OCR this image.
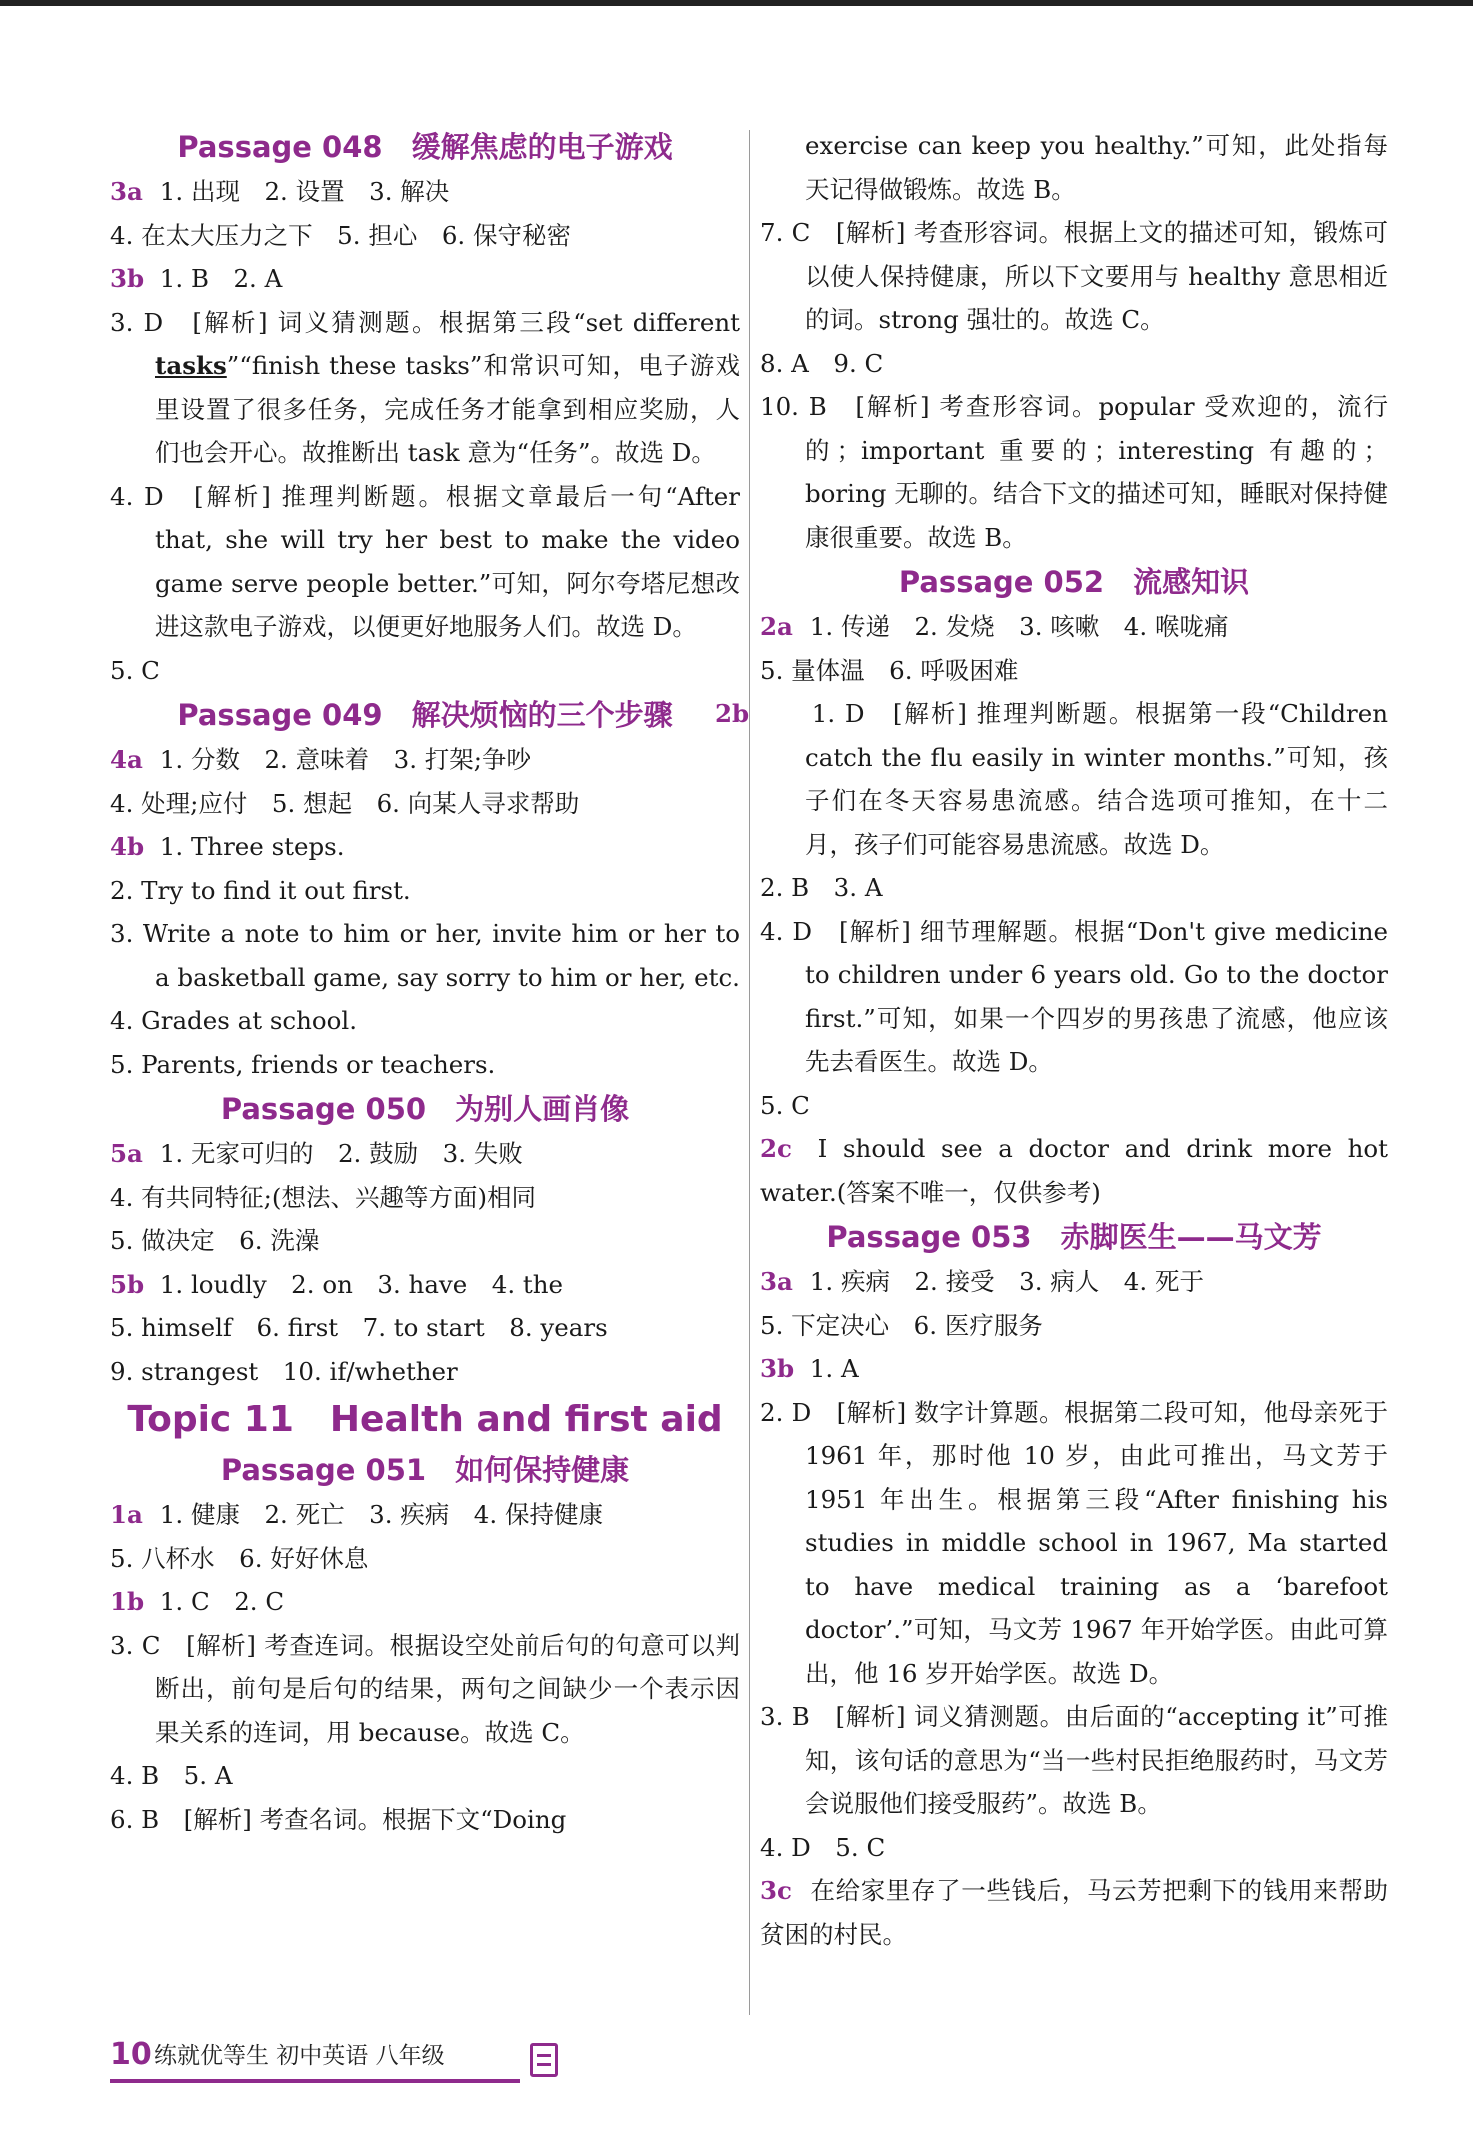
Passage 048　缓解焦虑的电子游戏
3a 1. 出现　2. 设置　3. 解决
4. 在太大压力之下　5. 担心　6. 保守秘密
3b 1. B　2. A
3. D　[解析] 词义猜测题。根据第三段“set different tasks”“finish these tasks”和常识可知，电子游戏里设置了很多任务，完成任务才能拿到相应奖励，人们也会开心。故推断出 task 意为“任务”。故选 D。
4. D　[解析] 推理判断题。根据文章最后一句“After that, she will try her best to make the video game serve people better.”可知，阿尔夸塔尼想改进这款电子游戏，以便更好地服务人们。故选 D。
5. C
Passage 049　解决烦恼的三个步骤
4a 1. 分数　2. 意味着　3. 打架;争吵
4. 处理;应付　5. 想起　6. 向某人寻求帮助
4b 1. Three steps.
2. Try to find it out first.
3. Write a note to him or her, invite him or her to a basketball game, say sorry to him or her, etc.
4. Grades at school.
5. Parents, friends or teachers.
Passage 050　为别人画肖像
5a 1. 无家可归的　2. 鼓励　3. 失败
4. 有共同特征;(想法、兴趣等方面)相同
5. 做决定　6. 洗澡
5b 1. loudly　2. on　3. have　4. the
5. himself　6. first　7. to start　8. years
9. strangest　10. if/whether
Topic 11　Health and first aid
Passage 051　如何保持健康
1a 1. 健康　2. 死亡　3. 疾病　4. 保持健康
5. 八杯水　6. 好好休息
1b 1. C　2. C
3. C　[解析] 考查连词。根据设空处前后句的句意可以判断出，前句是后句的结果，两句之间缺少一个表示因果关系的连词，用 because。故选 C。
4. B　5. A
6. B　[解析] 考查名词。根据下文“Doing
exercise can keep you healthy.”可知，此处指每天记得做锻炼。故选 B。
7. C　[解析] 考查形容词。根据上文的描述可知，锻炼可以使人保持健康，所以下文要用与 healthy 意思相近的词。strong 强壮的。故选 C。
8. A　9. C
10. B　[解析] 考查形容词。popular 受欢迎的，流行的；important 重要的；interesting 有趣的；boring 无聊的。结合下文的描述可知，睡眠对保持健康很重要。故选 B。
Passage 052　流感知识
2a 1. 传递　2. 发烧　3. 咳嗽　4. 喉咙痛
5. 量体温　6. 呼吸困难
2b	1. D　[解析] 推理判断题。根据第一段“Children catch the flu easily in winter months.”可知，孩子们在冬天容易患流感。结合选项可推知，在十二月，孩子们可能容易患流感。故选 D。
2. B　3. A
4. D　[解析] 细节理解题。根据“Don't give medicine to children under 6 years old. Go to the doctor first.”可知，如果一个四岁的男孩患了流感，他应该先去看医生。故选 D。
5. C
2c I should see a doctor and drink more hot water.(答案不唯一，仅供参考)
Passage 053　赤脚医生——马文芳
3a 1. 疾病　2. 接受　3. 病人　4. 死于
5. 下定决心　6. 医疗服务
3b 1. A
2. D　[解析] 数字计算题。根据第二段可知，他母亲死于 1961 年，那时他 10 岁，由此可推出，马文芳于 1951 年出生。根据第三段“After finishing his studies in middle school in 1967, Ma started to have medical training as a ‘barefoot doctor’.”可知，马文芳 1967 年开始学医。由此可算出，他 16 岁开始学医。故选 D。
3. B　[解析] 词义猜测题。由后面的“accepting it”可推知，该句话的意思为“当一些村民拒绝服药时，马文芳会说服他们接受服药”。故选 B。
4. D　5. C
3c 在给家里存了一些钱后，马云芳把剩下的钱用来帮助贫困的村民。
10 练就优等生 初中英语 八年级
